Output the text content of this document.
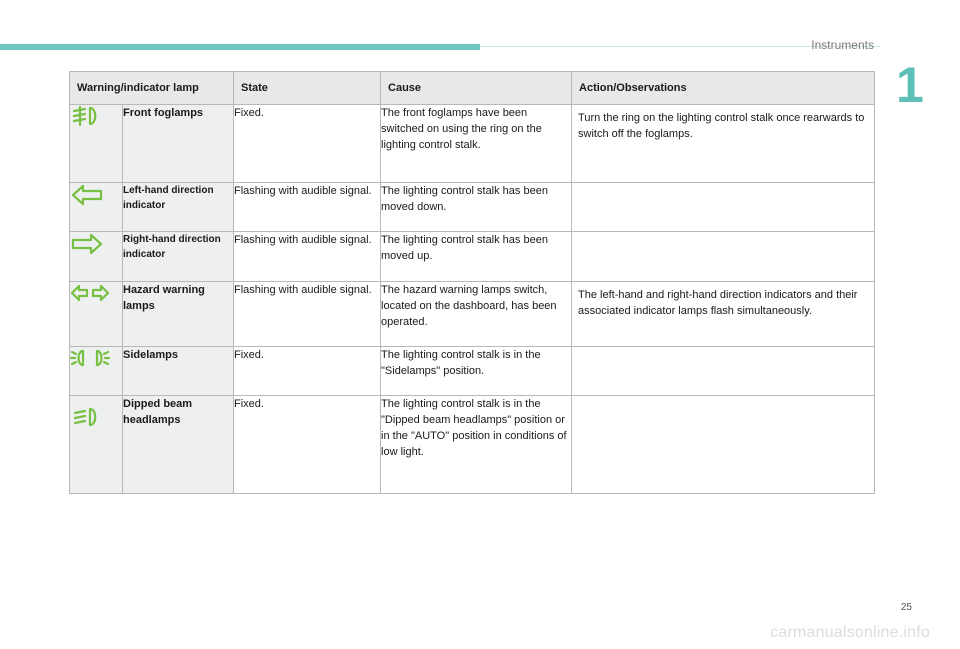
Instruments
1
Warning/indicator lamp		State	Cause	Action/Observations
	Front foglamps	Fixed.	The front foglamps have been switched on using the ring on the lighting control stalk.	Turn the ring on the lighting control stalk once rearwards to switch off the foglamps.
	Left-hand direction indicator	Flashing with audible signal.	The lighting control stalk has been moved down.	
	Right-hand direction indicator	Flashing with audible signal.	The lighting control stalk has been moved up.	
	Hazard warning lamps	Flashing with audible signal.	The hazard warning lamps switch, located on the dashboard, has been operated.	The left-hand and right-hand direction indicators and their associated indicator lamps flash simultaneously.
	Sidelamps	Fixed.	The lighting control stalk is in the "Sidelamps" position.	
	Dipped beam headlamps	Fixed.	The lighting control stalk is in the "Dipped beam headlamps" position or in the "AUTO" position in conditions of low light.	
25
carmanualsonline.info
